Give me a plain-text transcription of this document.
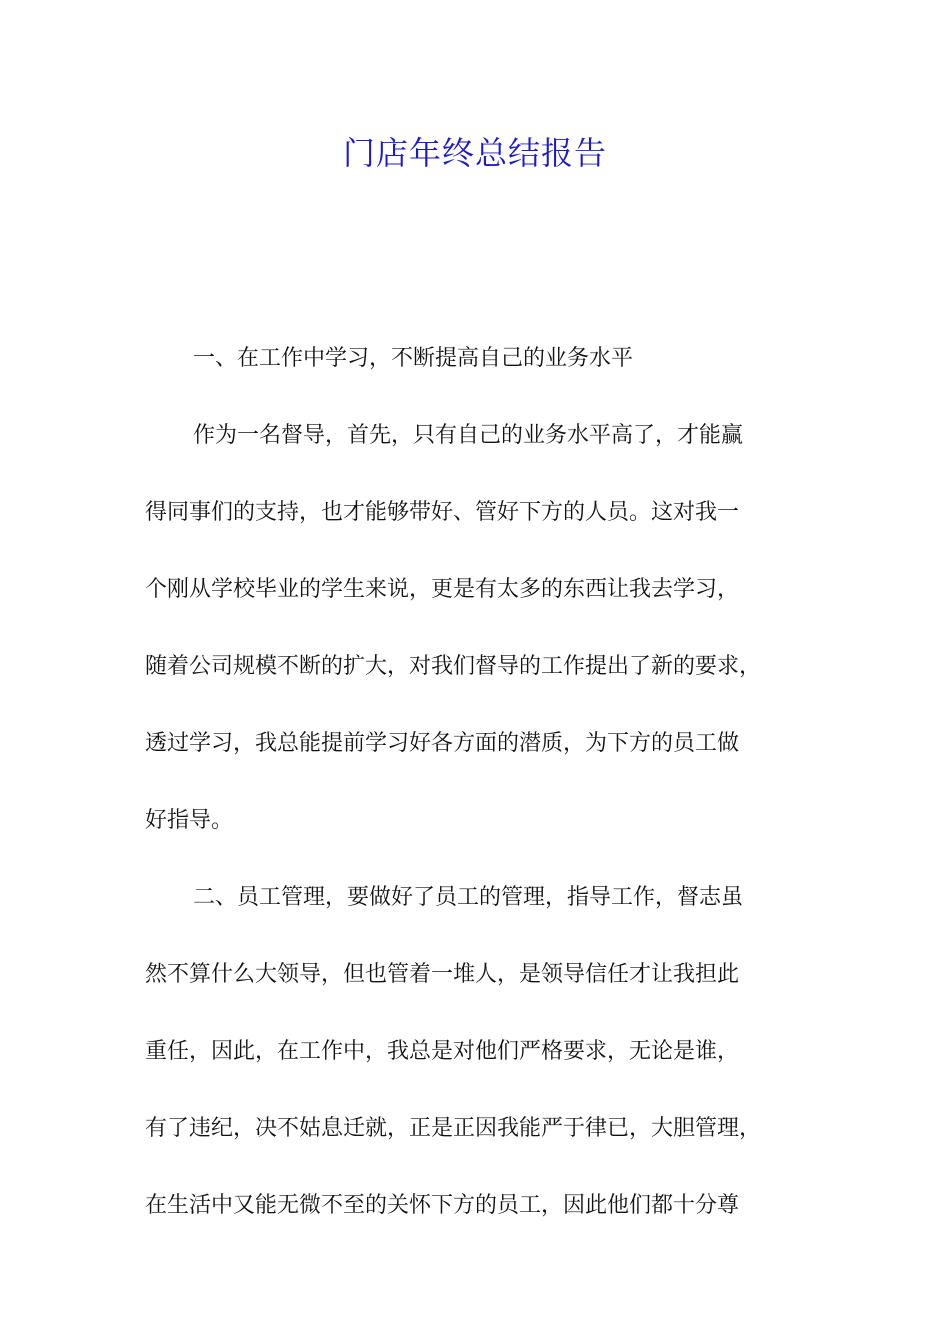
门店年终总结报告
一、在工作中学习，不断提高自己的业务水平
作为一名督导，首先，只有自己的业务水平高了，才能赢
得同事们的支持，也才能够带好、管好下方的人员。这对我一
个刚从学校毕业的学生来说，更是有太多的东西让我去学习，
随着公司规模不断的扩大，对我们督导的工作提出了新的要求，
透过学习，我总能提前学习好各方面的潜质，为下方的员工做
好指导。
二、员工管理，要做好了员工的管理，指导工作，督志虽
然不算什么大领导，但也管着一堆人，是领导信任才让我担此
重任，因此，在工作中，我总是对他们严格要求，无论是谁，
有了违纪，决不姑息迁就，正是正因我能严于律已，大胆管理，
在生活中又能无微不至的关怀下方的员工，因此他们都十分尊
